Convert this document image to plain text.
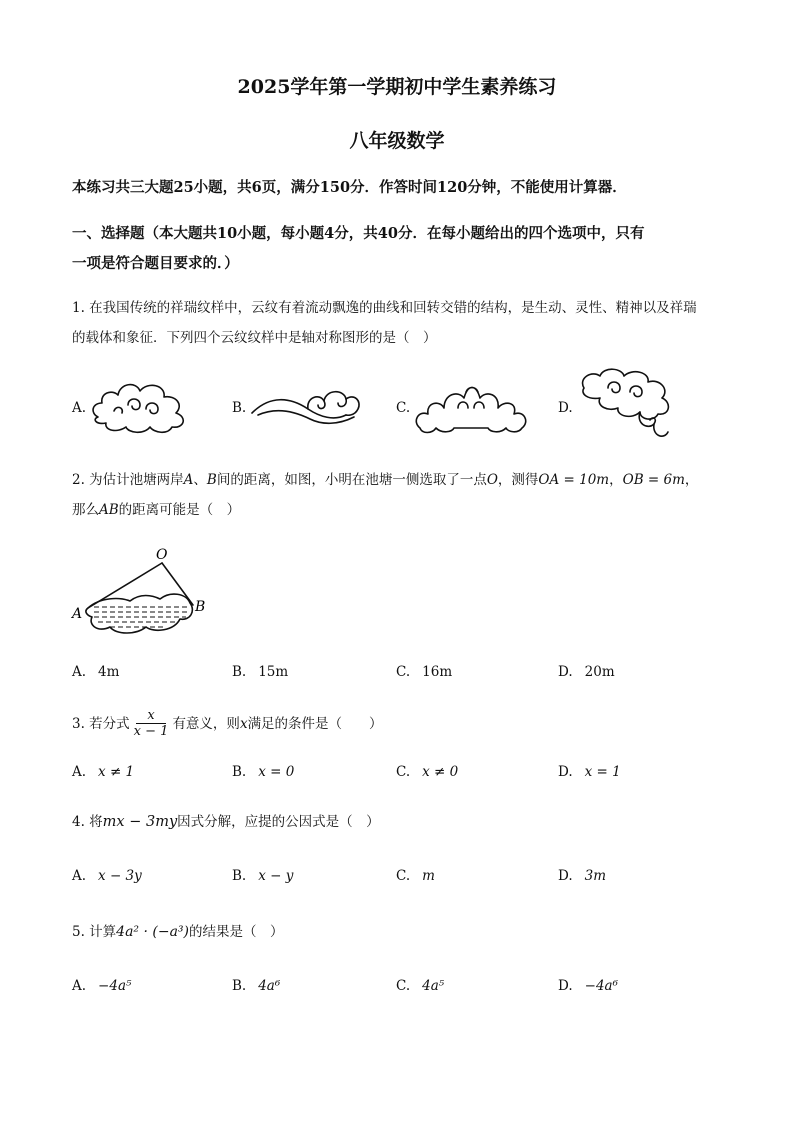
2025学年第一学期初中学生素养练习
八年级数学
本练习共三大题25小题，共6页，满分150分．作答时间120分钟，不能使用计算器．
一、选择题（本大题共10小题，每小题4分，共40分．在每小题给出的四个选项中，只有
一项是符合题目要求的．）
1. 在我国传统的祥瑞纹样中，云纹有着流动飘逸的曲线和回转交错的结构，是生动、灵性、精神以及祥瑞
的载体和象征．下列四个云纹纹样中是轴对称图形的是（　）
A.	B.	C.	D.
2. 为估计池塘两岸A、B间的距离，如图，小明在池塘一侧选取了一点O，测得OA = 10m，OB = 6m，
那么AB的距离可能是（　）
O
A	B
A. 4m	B. 15m	C. 16m	D. 20m
3. 若分式	x
x − 1 有意义，则 x 满足的条件是（　　）
A. x ≠ 1	B. x = 0	C. x ≠ 0	D. x = 1
4. 将mx − 3my因式分解，应提的公因式是（　）
A. x − 3y	B. x − y	C. m	D. 3m
5. 计算4a² · (−a³)的结果是（　）
A. −4a⁵	B. 4a⁶	C. 4a⁵	D. −4a⁶
